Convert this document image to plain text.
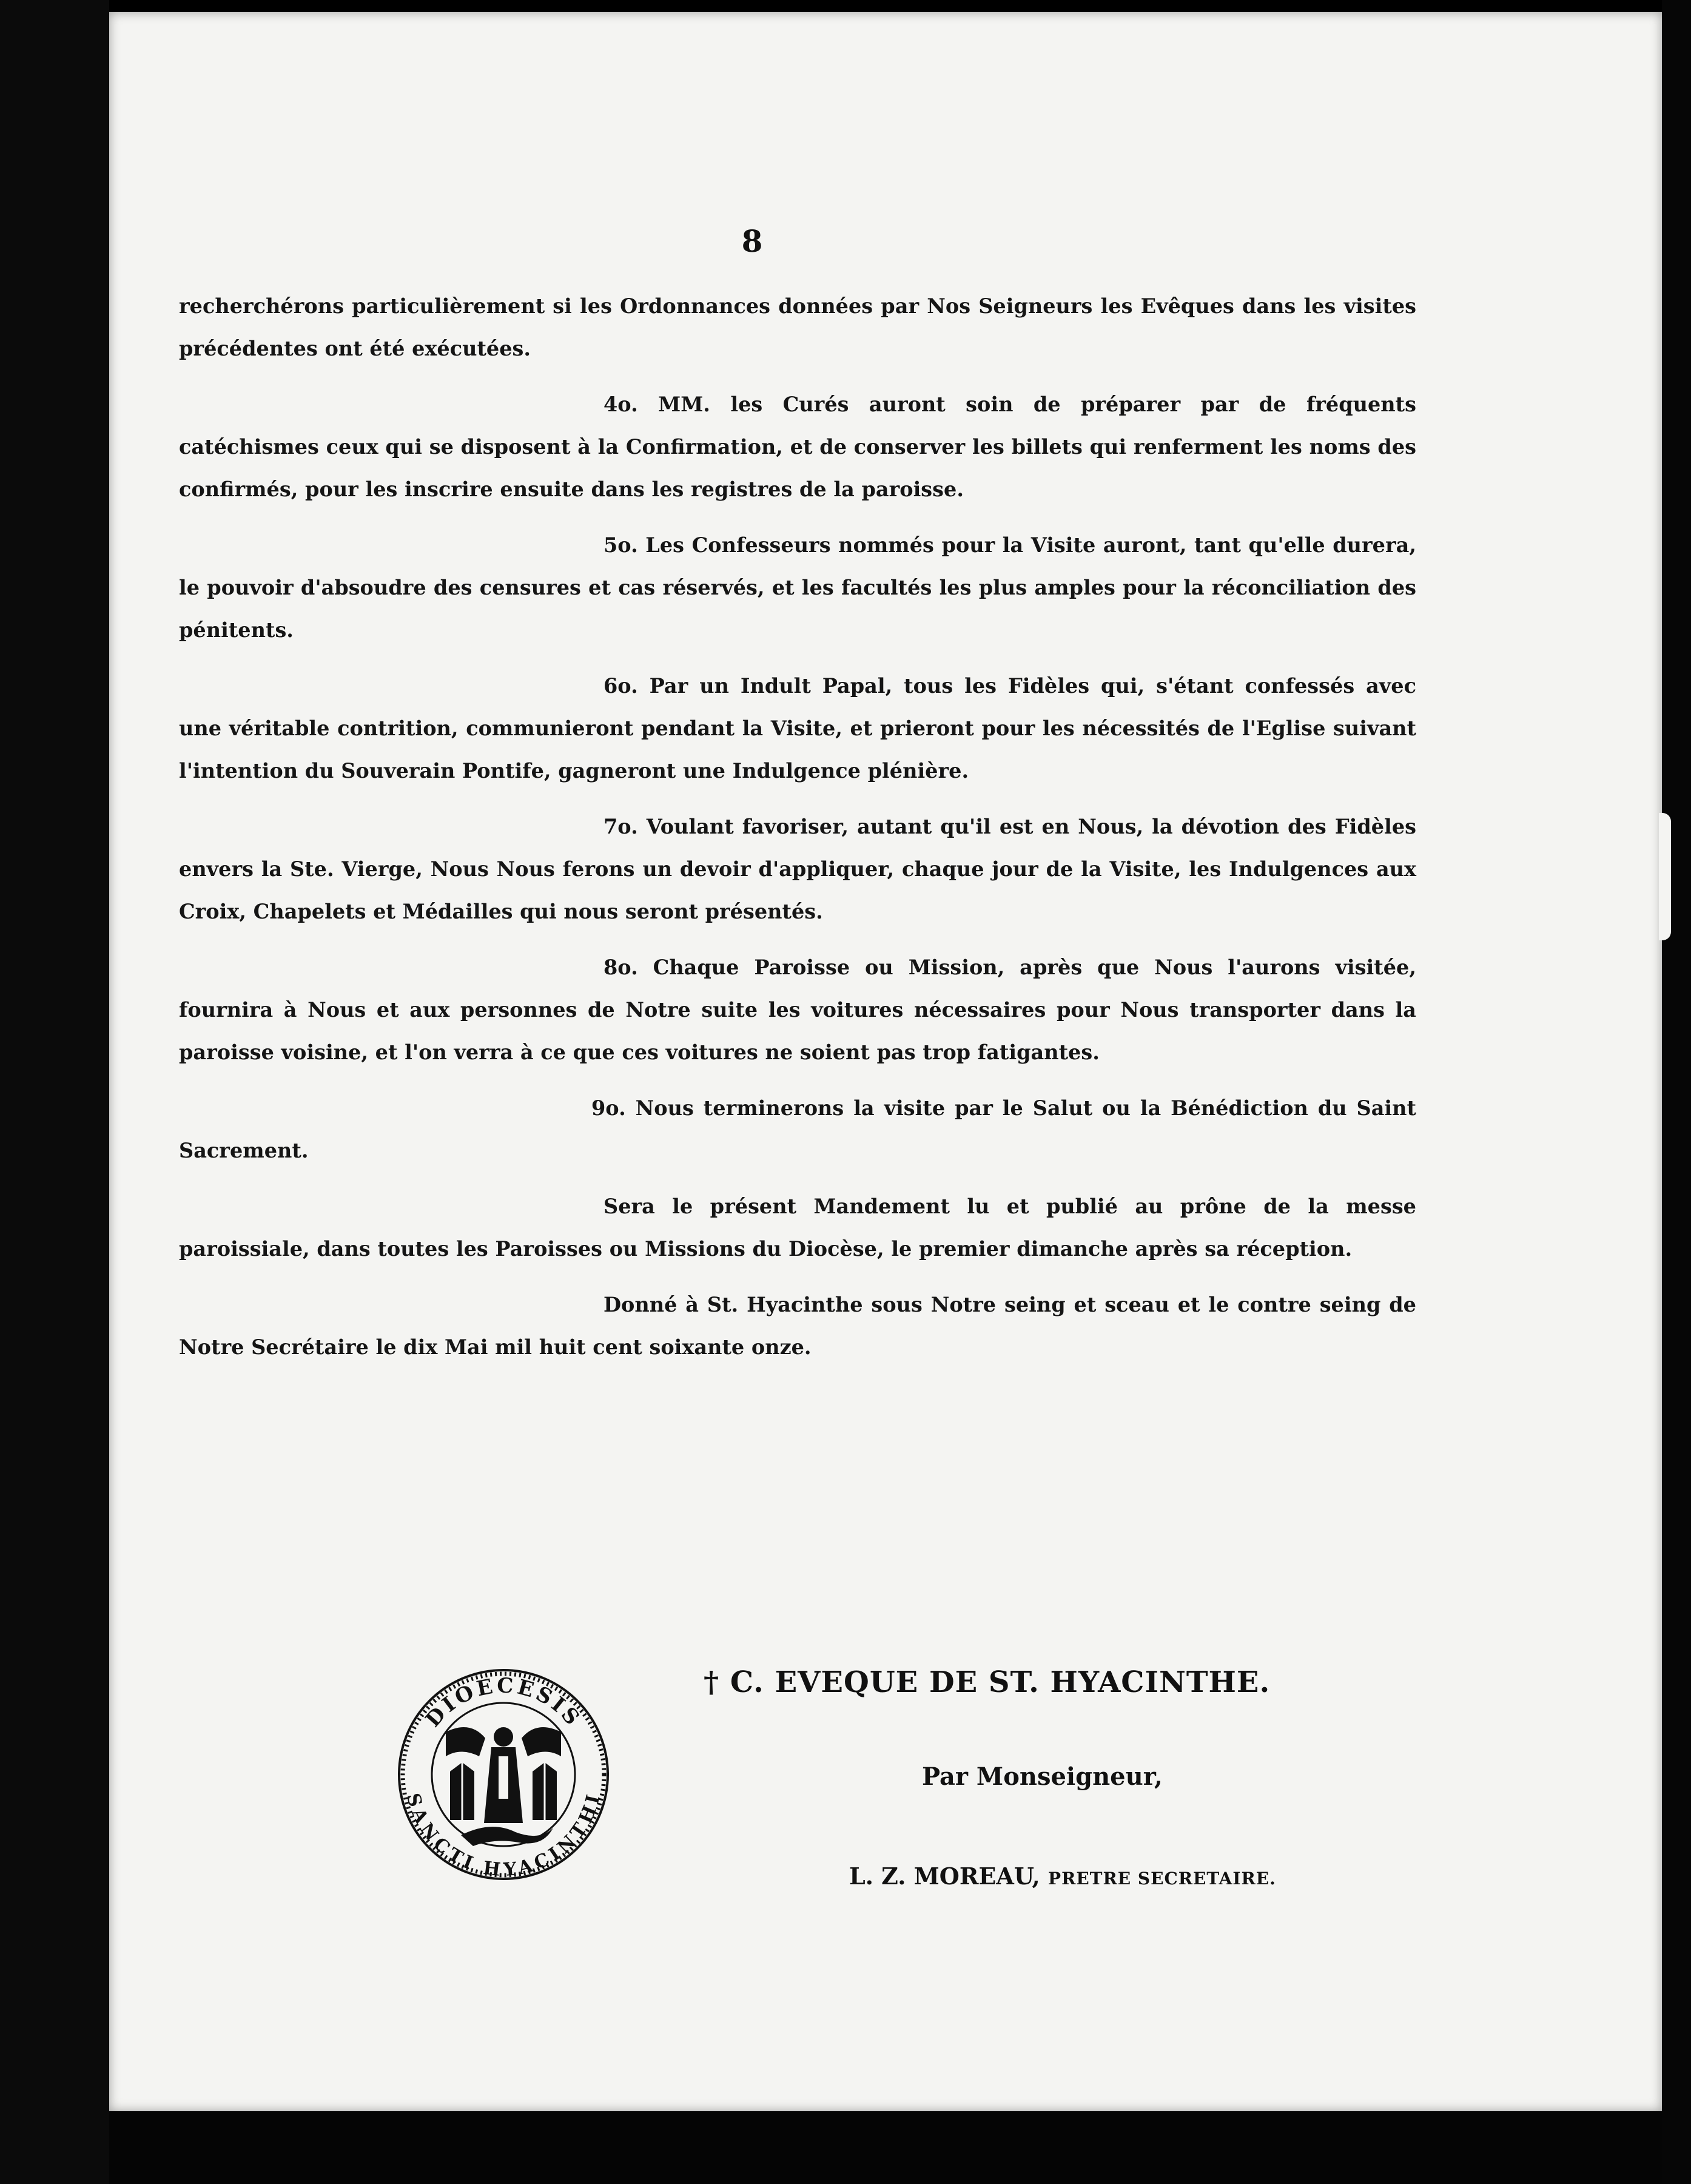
8

recherchérons particulièrement si les Ordonnances données par Nos Seigneurs les Evêques dans les visites précédentes ont été exécutées.

4o. MM. les Curés auront soin de préparer par de fréquents catéchismes ceux qui se disposent à la Confirmation, et de conserver les billets qui renferment les noms des confirmés, pour les inscrire ensuite dans les registres de la paroisse.

5o. Les Confesseurs nommés pour la Visite auront, tant qu'elle durera, le pouvoir d'absoudre des censures et cas réservés, et les facultés les plus amples pour la réconciliation des pénitents.

6o. Par un Indult Papal, tous les Fidèles qui, s'étant confessés avec une véritable contrition, communieront pendant la Visite, et prieront pour les nécessités de l'Eglise suivant l'intention du Souverain Pontife, gagneront une Indulgence plénière.

7o. Voulant favoriser, autant qu'il est en Nous, la dévotion des Fidèles envers la Ste. Vierge, Nous Nous ferons un devoir d'appliquer, chaque jour de la Visite, les Indulgences aux Croix, Chapelets et Médailles qui nous seront présentés.

8o. Chaque Paroisse ou Mission, après que Nous l'aurons visitée, fournira à Nous et aux personnes de Notre suite les voitures nécessaires pour Nous transporter dans la paroisse voisine, et l'on verra à ce que ces voitures ne soient pas trop fatigantes.

9o. Nous terminerons la visite par le Salut ou la Bénédiction du Saint Sacrement.

Sera le présent Mandement lu et publié au prône de la messe paroissiale, dans toutes les Paroisses ou Missions du Diocèse, le premier dimanche après sa réception.

Donné à St. Hyacinthe sous Notre seing et sceau et le contre seing de Notre Secrétaire le dix Mai mil huit cent soixante onze.

DIOECESIS
SANCTI HYACINTHI
† C. EVEQUE DE ST. HYACINTHE.
Par Monseigneur,
L. Z. MOREAU, PRETRE SECRETAIRE.
